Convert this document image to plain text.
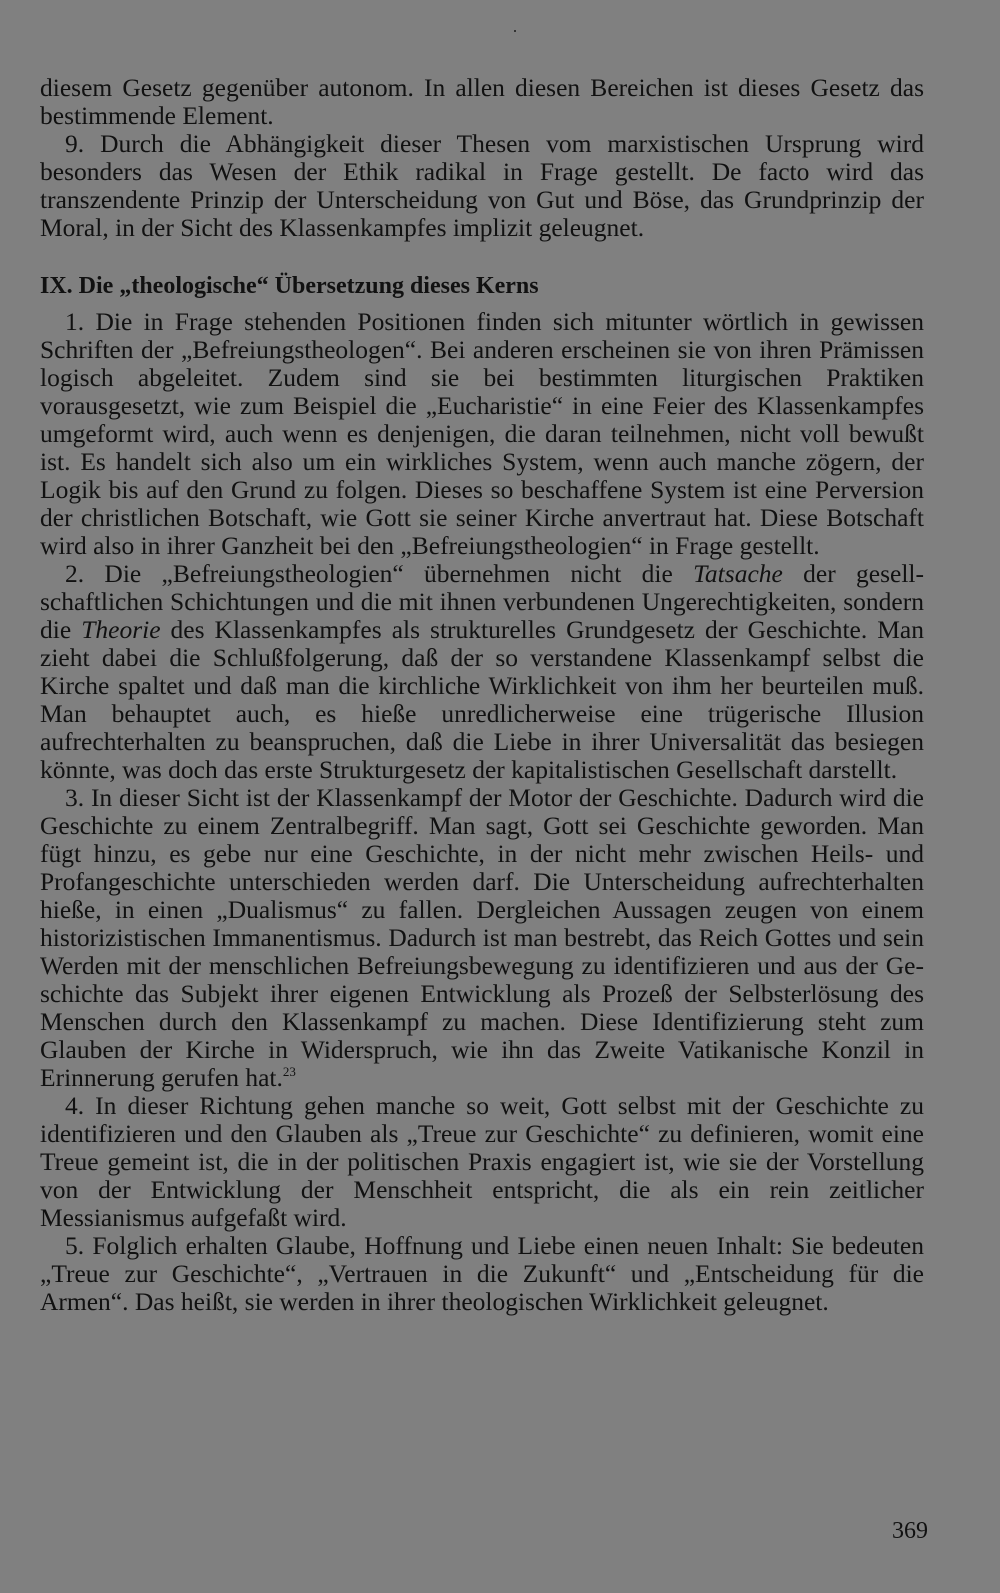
diesem Gesetz gegenüber autonom. In allen diesen Bereichen ist dieses Gesetz das bestimmende Element.

9. Durch die Abhängigkeit dieser Thesen vom marxistischen Ursprung wird besonders das Wesen der Ethik radikal in Frage gestellt. De facto wird das transzendente Prinzip der Unterscheidung von Gut und Böse, das Grundprinzip der Moral, in der Sicht des Klassenkampfes implizit geleugnet.

IX. Die „theologische“ Übersetzung dieses Kerns

1. Die in Frage stehenden Positionen finden sich mitunter wörtlich in gewissen Schriften der „Befreiungstheologen“. Bei anderen erscheinen sie von ihren Prämissen logisch abgeleitet. Zudem sind sie bei bestimmten liturgischen Praktiken vorausgesetzt, wie zum Beispiel die „Eucharistie“ in eine Feier des Klassenkampfes umgeformt wird, auch wenn es denjenigen, die daran teilnehmen, nicht voll bewußt ist. Es handelt sich also um ein wirkliches System, wenn auch manche zögern, der Logik bis auf den Grund zu folgen. Dieses so beschaffene System ist eine Perversion der christlichen Botschaft, wie Gott sie seiner Kirche anvertraut hat. Diese Botschaft wird also in ihrer Ganzheit bei den „Befreiungstheologien“ in Frage gestellt.

2. Die „Befreiungstheologien“ übernehmen nicht die Tatsache der gesellschaftlichen Schichtungen und die mit ihnen verbundenen Ungerechtigkeiten, sondern die Theorie des Klassenkampfes als strukturelles Grundgesetz der Geschichte. Man zieht dabei die Schlußfolgerung, daß der so verstandene Klassenkampf selbst die Kirche spaltet und daß man die kirchliche Wirklichkeit von ihm her beurteilen muß. Man behauptet auch, es hieße unredlicherweise eine trügerische Illusion aufrechterhalten zu beanspruchen, daß die Liebe in ihrer Universalität das besiegen könnte, was doch das erste Strukturgesetz der kapitalistischen Gesellschaft darstellt.

3. In dieser Sicht ist der Klassenkampf der Motor der Geschichte. Dadurch wird die Geschichte zu einem Zentralbegriff. Man sagt, Gott sei Geschichte geworden. Man fügt hinzu, es gebe nur eine Geschichte, in der nicht mehr zwischen Heils- und Profangeschichte unterschieden werden darf. Die Unterscheidung aufrechterhalten hieße, in einen „Dualismus“ zu fallen. Dergleichen Aussagen zeugen von einem historizistischen Immanentismus. Dadurch ist man bestrebt, das Reich Gottes und sein Werden mit der menschlichen Befreiungsbewegung zu identifizieren und aus der Geschichte das Subjekt ihrer eigenen Entwicklung als Prozeß der Selbsterlösung des Menschen durch den Klassenkampf zu machen. Diese Identifizierung steht zum Glauben der Kirche in Widerspruch, wie ihn das Zweite Vatikanische Konzil in Erinnerung gerufen hat.$^{23}$

4. In dieser Richtung gehen manche so weit, Gott selbst mit der Geschichte zu identifizieren und den Glauben als „Treue zur Geschichte“ zu definieren, womit eine Treue gemeint ist, die in der politischen Praxis engagiert ist, wie sie der Vorstellung von der Entwicklung der Menschheit entspricht, die als ein rein zeitlicher Messianismus aufgefaßt wird.

5. Folglich erhalten Glaube, Hoffnung und Liebe einen neuen Inhalt: Sie bedeuten „Treue zur Geschichte“, „Vertrauen in die Zukunft“ und „Entscheidung für die Armen“. Das heißt, sie werden in ihrer theologischen Wirklichkeit geleugnet.

369
